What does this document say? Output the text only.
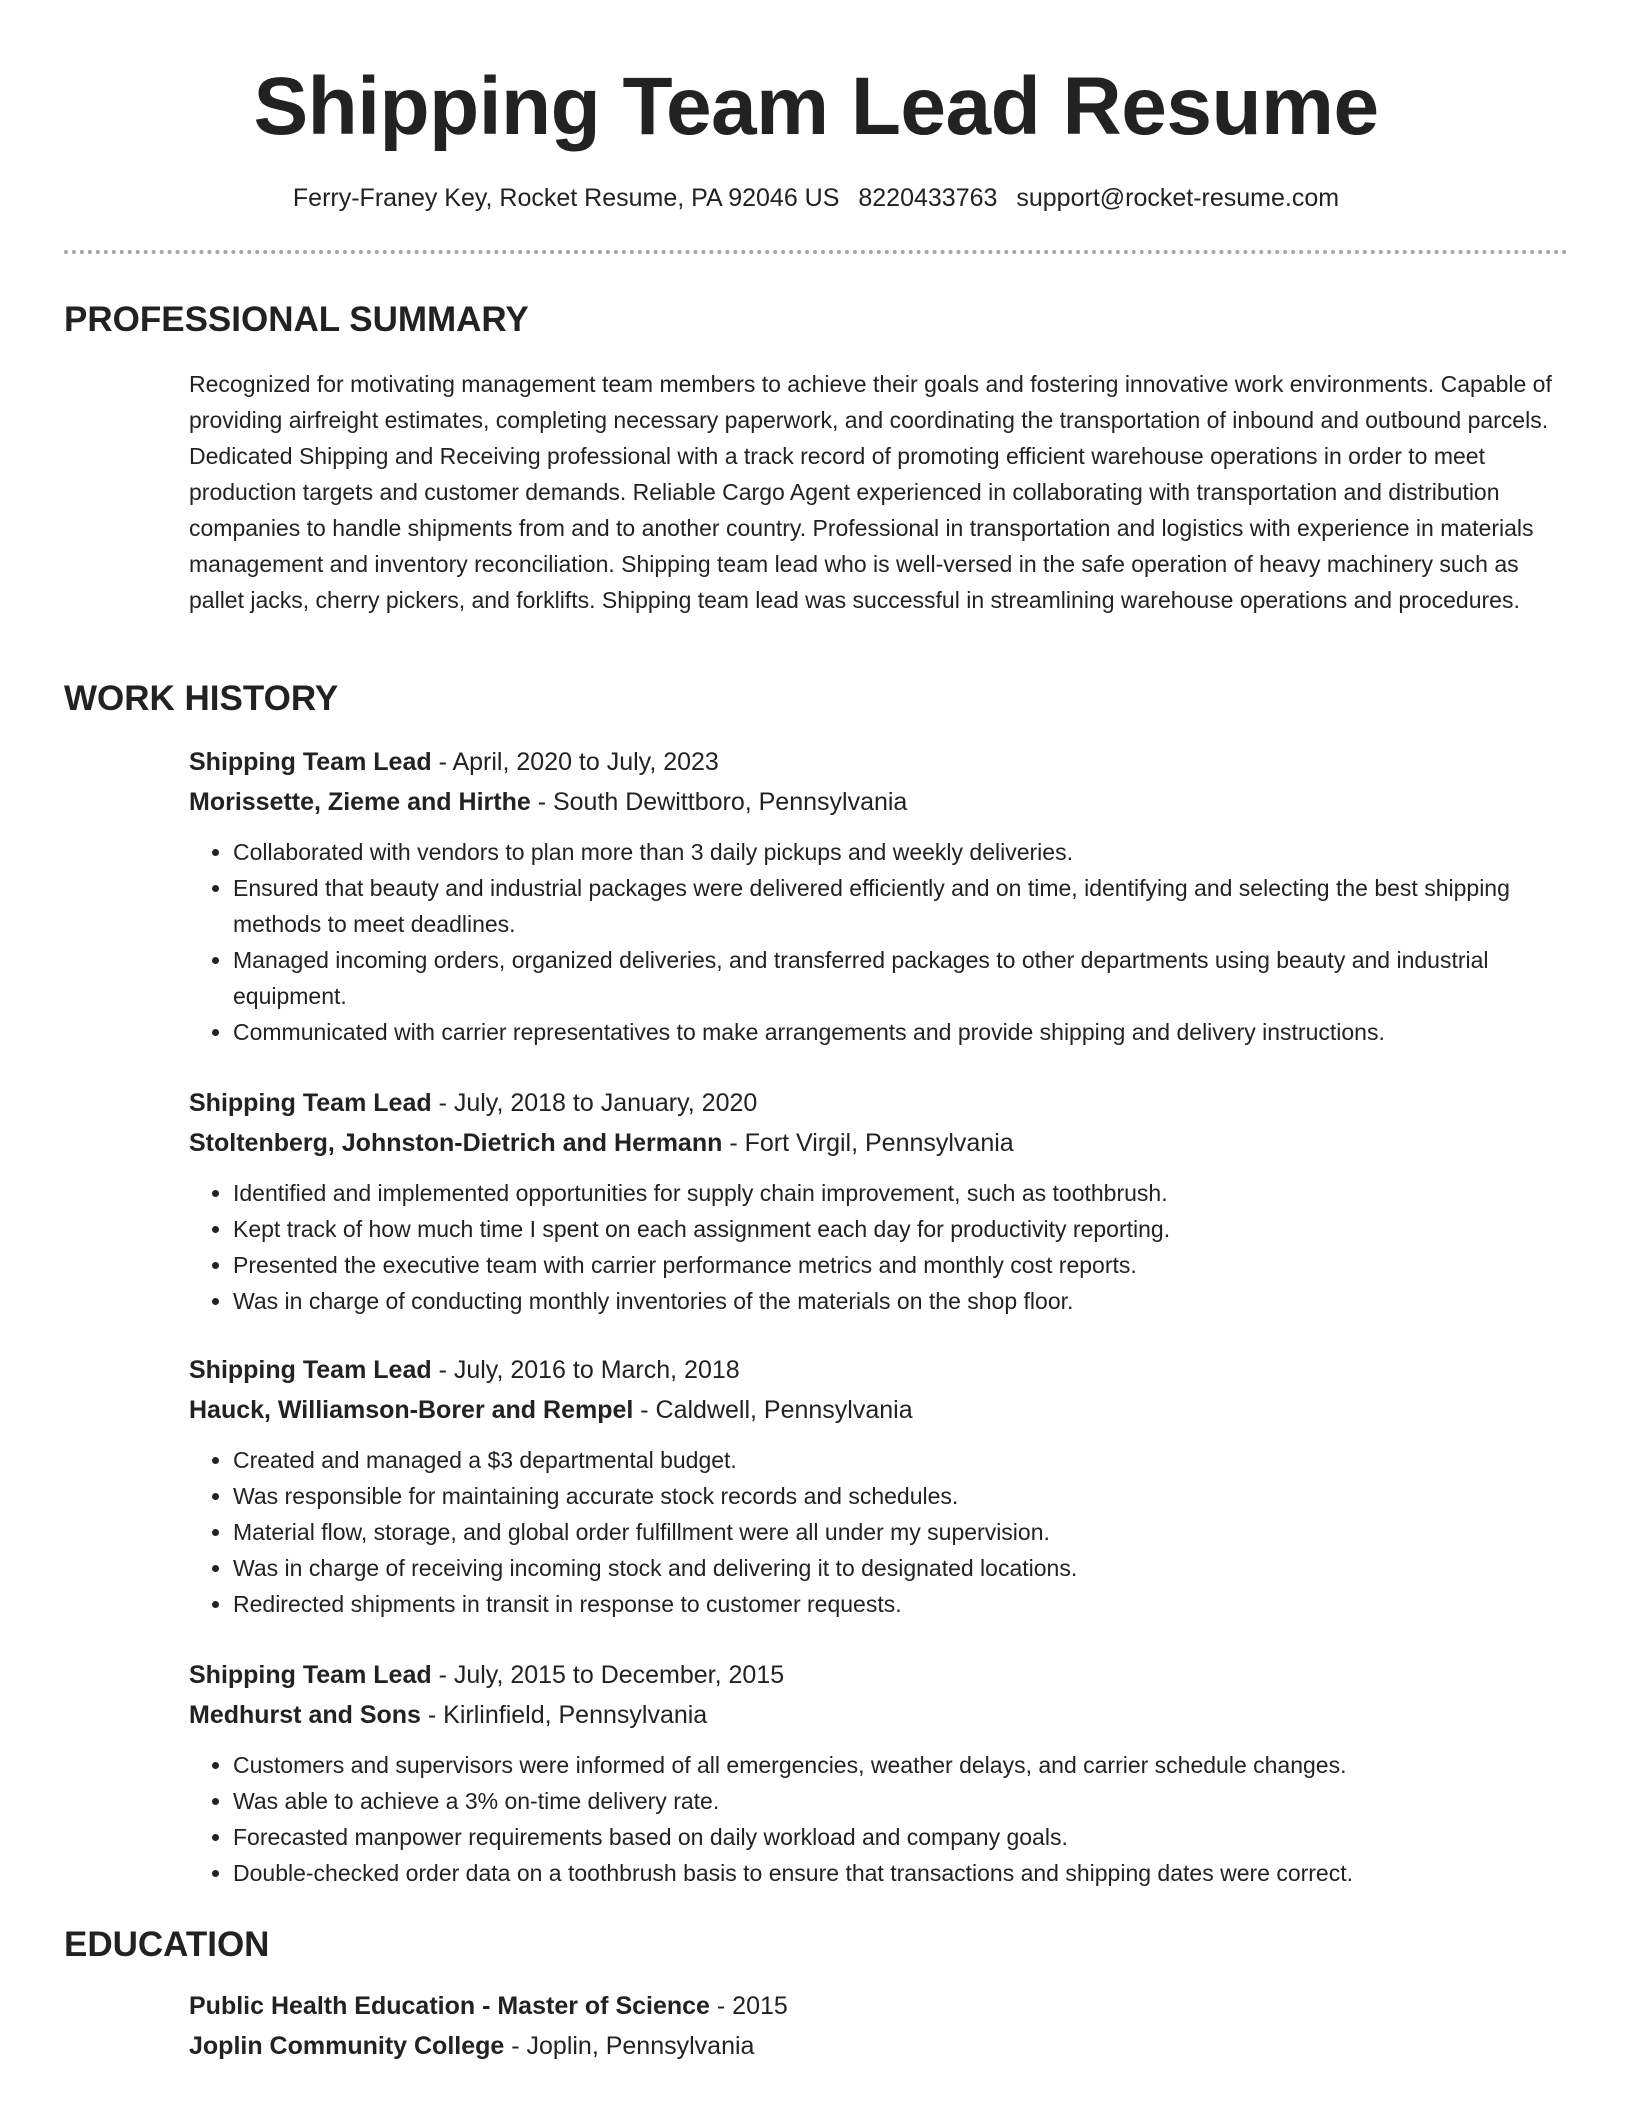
Shipping Team Lead Resume
Ferry-Franey Key, Rocket Resume, PA 92046 US 8220433763 support@rocket-resume.com
PROFESSIONAL SUMMARY
Recognized for motivating management team members to achieve their goals and fostering innovative work environments. Capable of providing airfreight estimates, completing necessary paperwork, and coordinating the transportation of inbound and outbound parcels. Dedicated Shipping and Receiving professional with a track record of promoting efficient warehouse operations in order to meet production targets and customer demands. Reliable Cargo Agent experienced in collaborating with transportation and distribution companies to handle shipments from and to another country. Professional in transportation and logistics with experience in materials management and inventory reconciliation. Shipping team lead who is well-versed in the safe operation of heavy machinery such as pallet jacks, cherry pickers, and forklifts. Shipping team lead was successful in streamlining warehouse operations and procedures.
WORK HISTORY
Shipping Team Lead - April, 2020 to July, 2023
Morissette, Zieme and Hirthe - South Dewittboro, Pennsylvania
• Collaborated with vendors to plan more than 3 daily pickups and weekly deliveries.
• Ensured that beauty and industrial packages were delivered efficiently and on time, identifying and selecting the best shipping methods to meet deadlines.
• Managed incoming orders, organized deliveries, and transferred packages to other departments using beauty and industrial equipment.
• Communicated with carrier representatives to make arrangements and provide shipping and delivery instructions.
Shipping Team Lead - July, 2018 to January, 2020
Stoltenberg, Johnston-Dietrich and Hermann - Fort Virgil, Pennsylvania
• Identified and implemented opportunities for supply chain improvement, such as toothbrush.
• Kept track of how much time I spent on each assignment each day for productivity reporting.
• Presented the executive team with carrier performance metrics and monthly cost reports.
• Was in charge of conducting monthly inventories of the materials on the shop floor.
Shipping Team Lead - July, 2016 to March, 2018
Hauck, Williamson-Borer and Rempel - Caldwell, Pennsylvania
• Created and managed a $3 departmental budget.
• Was responsible for maintaining accurate stock records and schedules.
• Material flow, storage, and global order fulfillment were all under my supervision.
• Was in charge of receiving incoming stock and delivering it to designated locations.
• Redirected shipments in transit in response to customer requests.
Shipping Team Lead - July, 2015 to December, 2015
Medhurst and Sons - Kirlinfield, Pennsylvania
• Customers and supervisors were informed of all emergencies, weather delays, and carrier schedule changes.
• Was able to achieve a 3% on-time delivery rate.
• Forecasted manpower requirements based on daily workload and company goals.
• Double-checked order data on a toothbrush basis to ensure that transactions and shipping dates were correct.
EDUCATION
Public Health Education - Master of Science - 2015
Joplin Community College - Joplin, Pennsylvania
